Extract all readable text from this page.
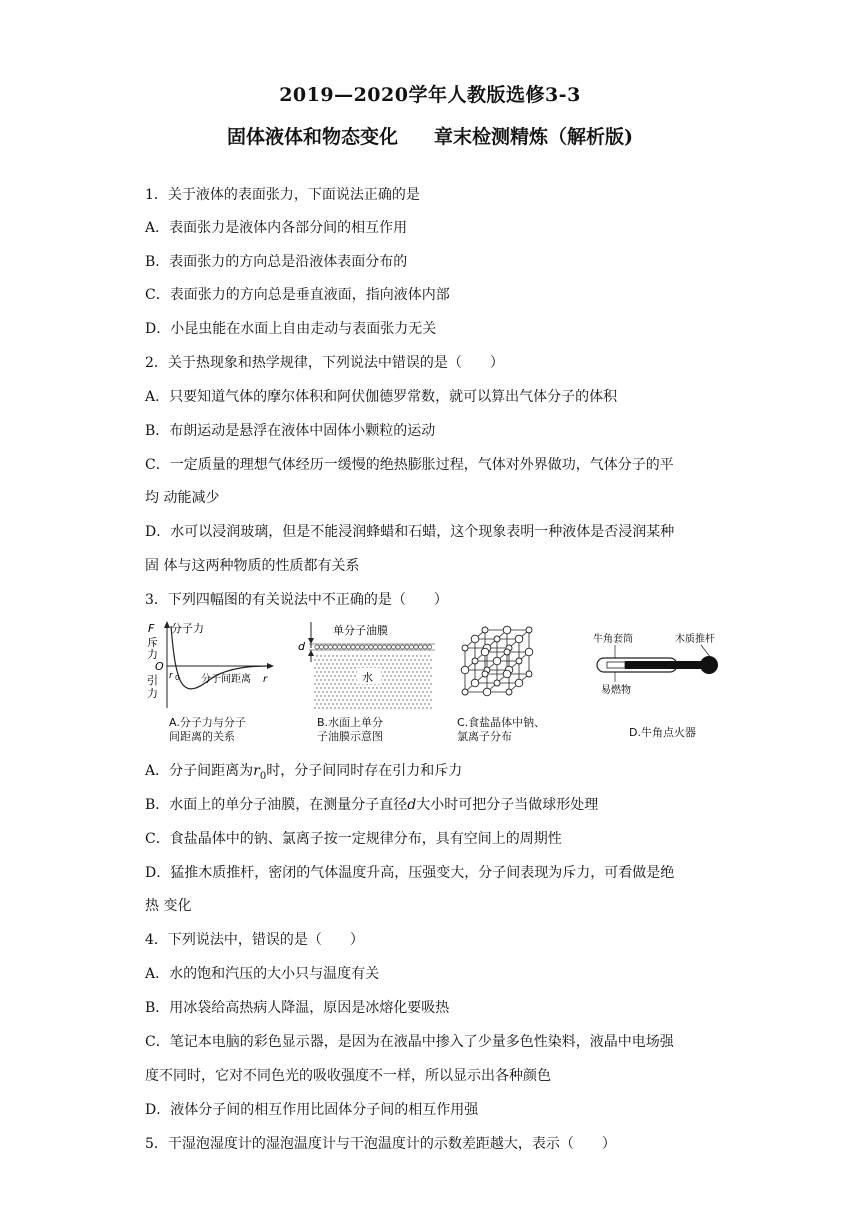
2019—2020学年人教版选修3-3
固体液体和物态变化 章末检测精炼（解析版)
1．关于液体的表面张力，下面说法正确的是
A．表面张力是液体内各部分间的相互作用
B．表面张力的方向总是沿液体表面分布的
C．表面张力的方向总是垂直液面，指向液体内部
D．小昆虫能在水面上自由走动与表面张力无关
2．关于热现象和热学规律，下列说法中错误的是（　　）
A．只要知道气体的摩尔体积和阿伏伽德罗常数，就可以算出气体分子的体积
B．布朗运动是悬浮在液体中固体小颗粒的运动
C．一定质量的理想气体经历一缓慢的绝热膨胀过程，气体对外界做功，气体分子的平
均 动能减少
D．水可以浸润玻璃，但是不能浸润蜂蜡和石蜡，这个现象表明一种液体是否浸润某种
固 体与这两种物质的性质都有关系
3．下列四幅图的有关说法中不正确的是（　　）
F
斥
力
O
引
力
分子力
r 0 分子间距离 r
A.分子力与分子
间距离的关系
d
单分子油膜
水
B.水面上单分
子油膜示意图
C.食盐晶体中钠、
氯离子分布
牛角套筒	木质推杆
易燃物
D.牛角点火器
A．分子间距离为$r_0$时，分子间同时存在引力和斥力
B．水面上的单分子油膜，在测量分子直径d大小时可把分子当做球形处理
C．食盐晶体中的钠、氯离子按一定规律分布，具有空间上的周期性
D．猛推木质推杆，密闭的气体温度升高，压强变大，分子间表现为斥力，可看做是绝
热 变化
4．下列说法中，错误的是（　　）
A．水的饱和汽压的大小只与温度有关
B．用冰袋给高热病人降温，原因是冰熔化要吸热
C．笔记本电脑的彩色显示器，是因为在液晶中掺入了少量多色性染料，液晶中电场强
度不同时，它对不同色光的吸收强度不一样，所以显示出各种颜色
D．液体分子间的相互作用比固体分子间的相互作用强
5．干湿泡湿度计的湿泡温度计与干泡温度计的示数差距越大，表示（　　）
